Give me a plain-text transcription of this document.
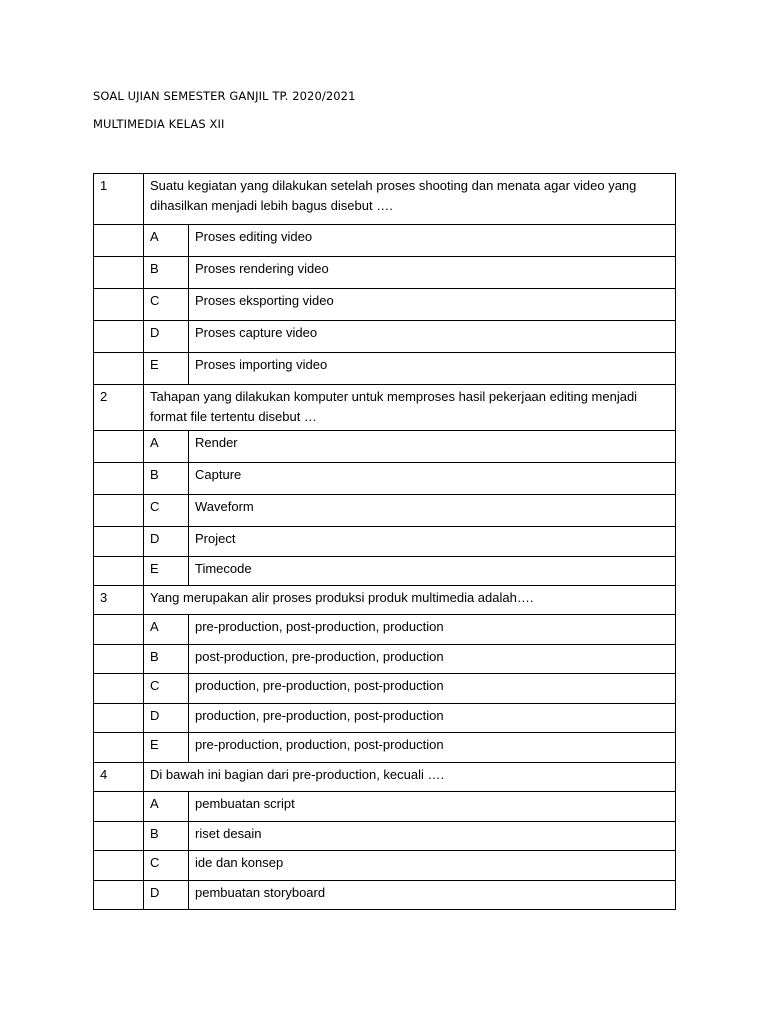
SOAL UJIAN SEMESTER GANJIL TP. 2020/2021
MULTIMEDIA KELAS XII
1	Suatu kegiatan yang dilakukan setelah proses shooting dan menata agar video yang dihasilkan menjadi lebih bagus disebut ….	
	A	Proses editing video
	B	Proses rendering video
	C	Proses eksporting video
	D	Proses capture video
	E	Proses importing video
2	Tahapan yang dilakukan komputer untuk memproses hasil pekerjaan editing menjadi format file tertentu disebut …	
	A	Render
	B	Capture
	C	Waveform
	D	Project
	E	Timecode
3	Yang merupakan alir proses produksi produk multimedia adalah….	
	A	pre-production, post-production, production
	B	post-production, pre-production, production
	C	production, pre-production, post-production
	D	production, pre-production, post-production
	E	pre-production, production, post-production
4	Di bawah ini bagian dari pre-production, kecuali ….	
	A	pembuatan script
	B	riset desain
	C	ide dan konsep
	D	pembuatan storyboard
